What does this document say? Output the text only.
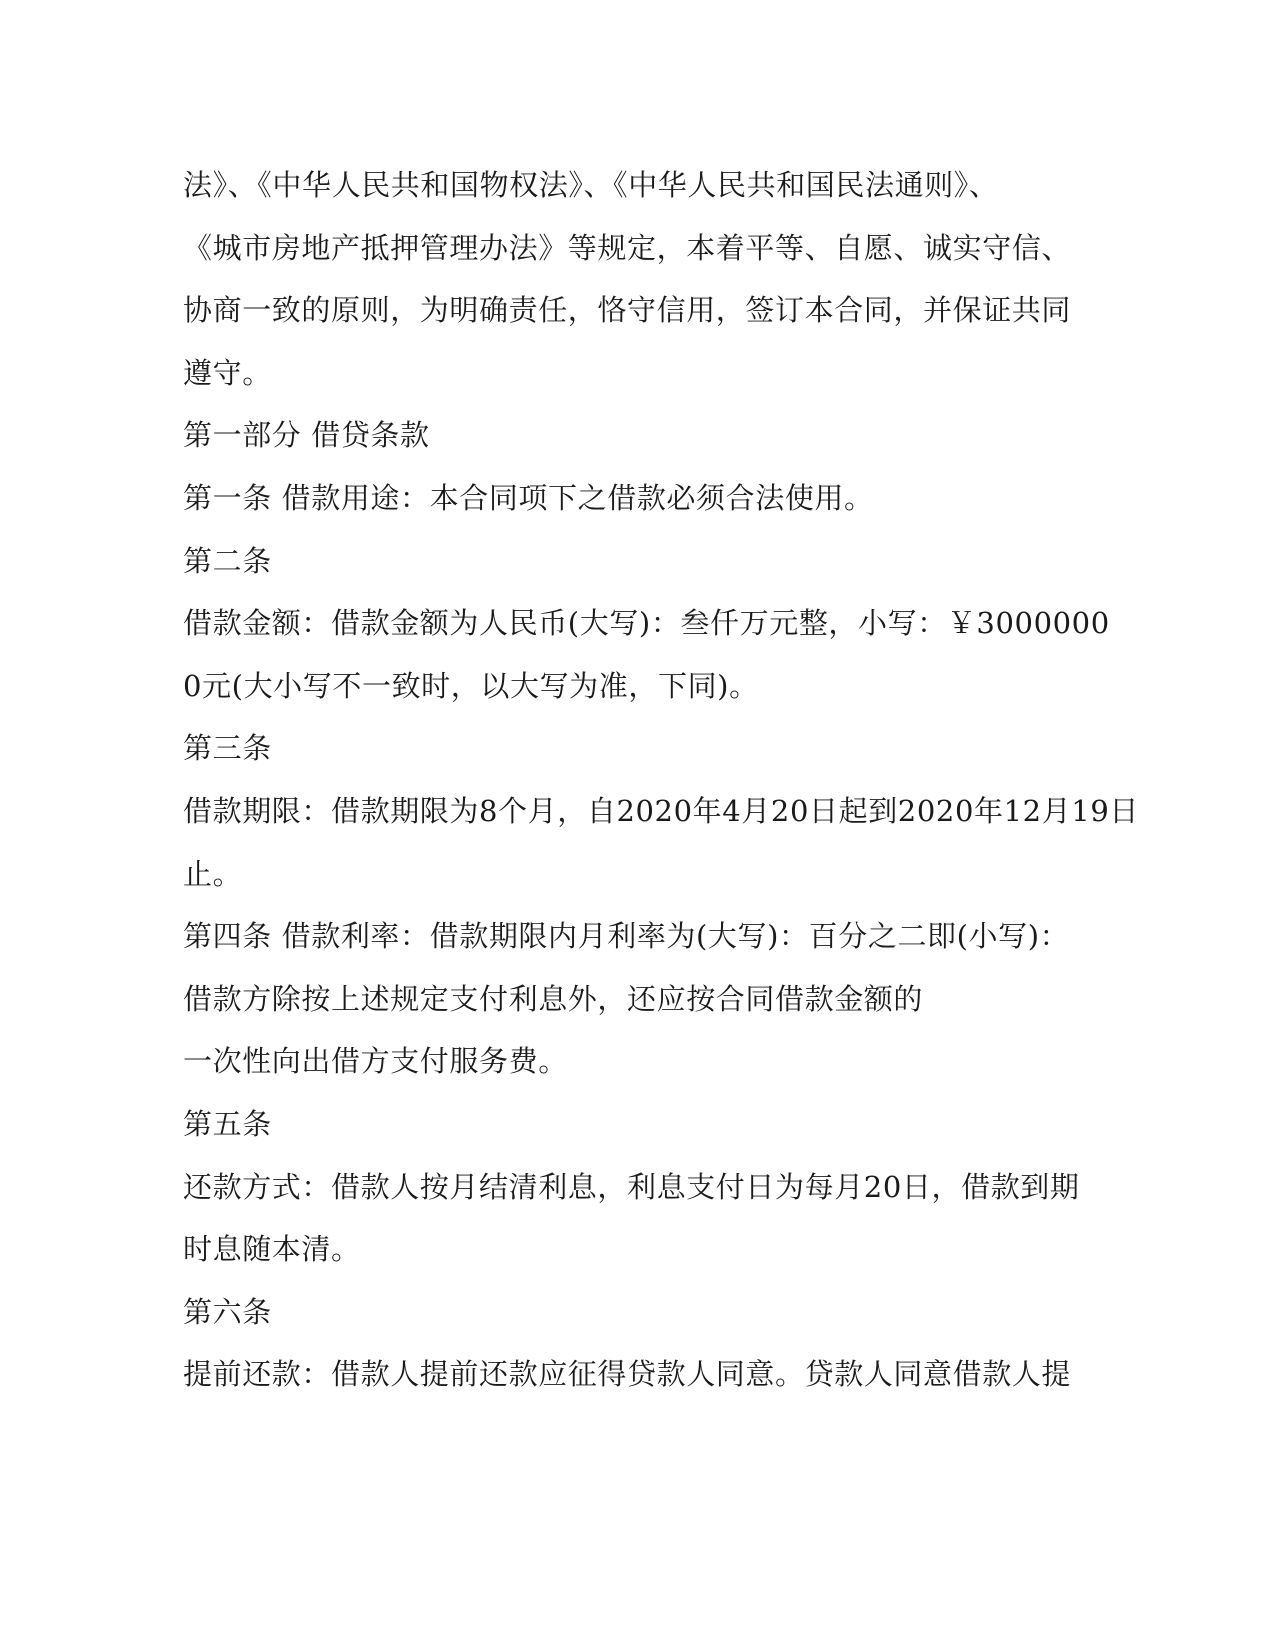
法》、《中华人民共和国物权法》、《中华人民共和国民法通则》、
《城市房地产抵押管理办法》等规定，本着平等、自愿、诚实守信、
协商一致的原则，为明确责任，恪守信用，签订本合同，并保证共同
遵守。
第一部分 借贷条款
第一条 借款用途：本合同项下之借款必须合法使用。
第二条
借款金额：借款金额为人民币(大写)：叁仟万元整，小写：￥3000000
0元(大小写不一致时，以大写为准，下同)。
第三条
借款期限：借款期限为8个月，自2020年4月20日起到2020年12月19日
止。
第四条 借款利率：借款期限内月利率为(大写)：百分之二即(小写)：
借款方除按上述规定支付利息外，还应按合同借款金额的
一次性向出借方支付服务费。
第五条
还款方式：借款人按月结清利息，利息支付日为每月20日，借款到期
时息随本清。
第六条
提前还款：借款人提前还款应征得贷款人同意。贷款人同意借款人提
